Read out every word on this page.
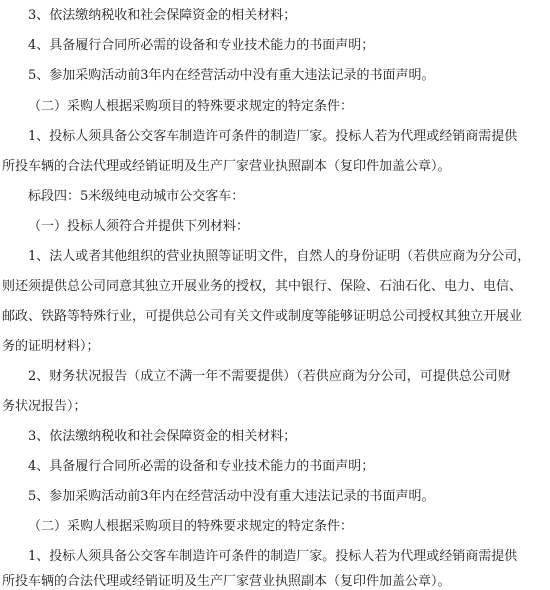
3、依法缴纳税收和社会保障资金的相关材料；
4、具备履行合同所必需的设备和专业技术能力的书面声明；
5、参加采购活动前3年内在经营活动中没有重大违法记录的书面声明。
（二）采购人根据采购项目的特殊要求规定的特定条件：
1、投标人须具备公交客车制造许可条件的制造厂家。投标人若为代理或经销商需提供
所投车辆的合法代理或经销证明及生产厂家营业执照副本（复印件加盖公章）。
标段四：5米级纯电动城市公交客车：
（一）投标人须符合并提供下列材料：
1、法人或者其他组织的营业执照等证明文件，自然人的身份证明（若供应商为分公司，
则还须提供总公司同意其独立开展业务的授权，其中银行、保险、石油石化、电力、电信、
邮政、铁路等特殊行业，可提供总公司有关文件或制度等能够证明总公司授权其独立开展业
务的证明材料）；
2、财务状况报告（成立不满一年不需要提供）（若供应商为分公司，可提供总公司财
务状况报告）；
3、依法缴纳税收和社会保障资金的相关材料；
4、具备履行合同所必需的设备和专业技术能力的书面声明；
5、参加采购活动前3年内在经营活动中没有重大违法记录的书面声明。
（二）采购人根据采购项目的特殊要求规定的特定条件：
1、投标人须具备公交客车制造许可条件的制造厂家。投标人若为代理或经销商需提供
所投车辆的合法代理或经销证明及生产厂家营业执照副本（复印件加盖公章）。
